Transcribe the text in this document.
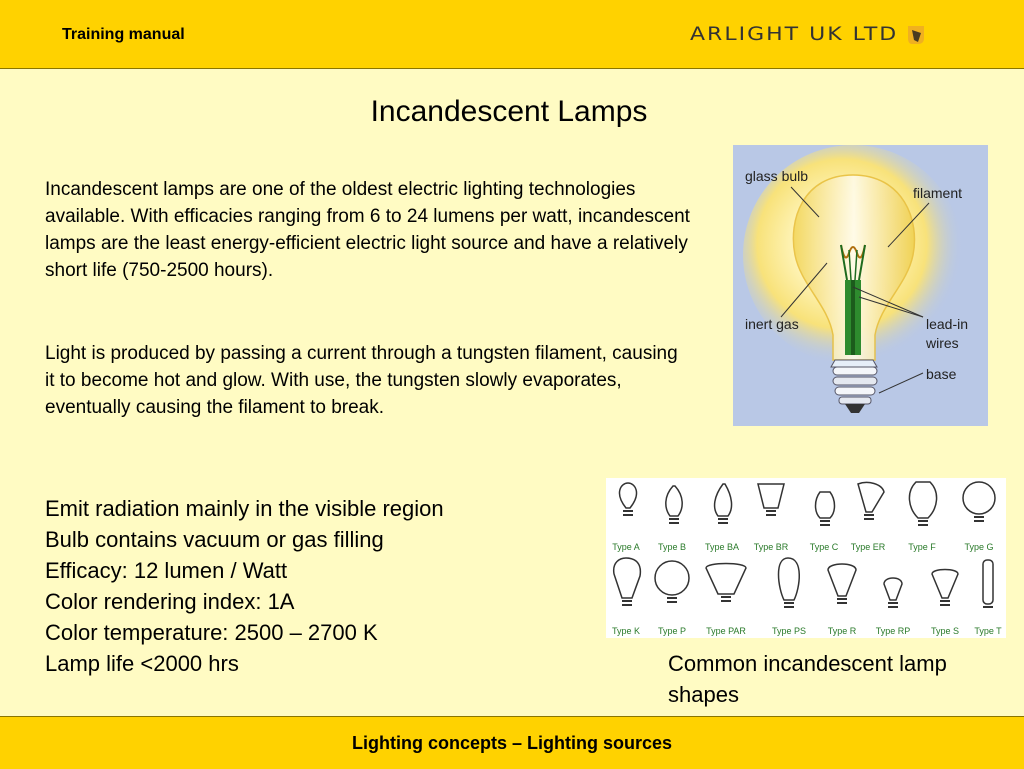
Training manual	ARLIGHT UK LTD
Incandescent Lamps
Incandescent lamps are one of the oldest electric lighting technologies available. With efficacies ranging from 6 to 24 lumens per watt, incandescent lamps are the least energy-efficient electric light source and have a relatively short life (750-2500 hours).
Light is produced by passing a current through a tungsten filament, causing it to become hot and glow. With use, the tungsten slowly evaporates, eventually causing the filament to break.
Emit radiation mainly in the visible region
Bulb contains vacuum or gas filling
Efficacy: 12 lumen / Watt
Color rendering index: 1A
Color temperature: 2500 – 2700 K
Lamp life <2000 hrs
glass bulb
filament
inert gas	lead-in
wires
base
Type A Type B Type BA Type BR Type C Type ER	Type F	Type G
Type K Type P Type PAR	Type PS Type R Type RP Type S Type T
Common incandescent lamp shapes
Lighting concepts – Lighting sources
